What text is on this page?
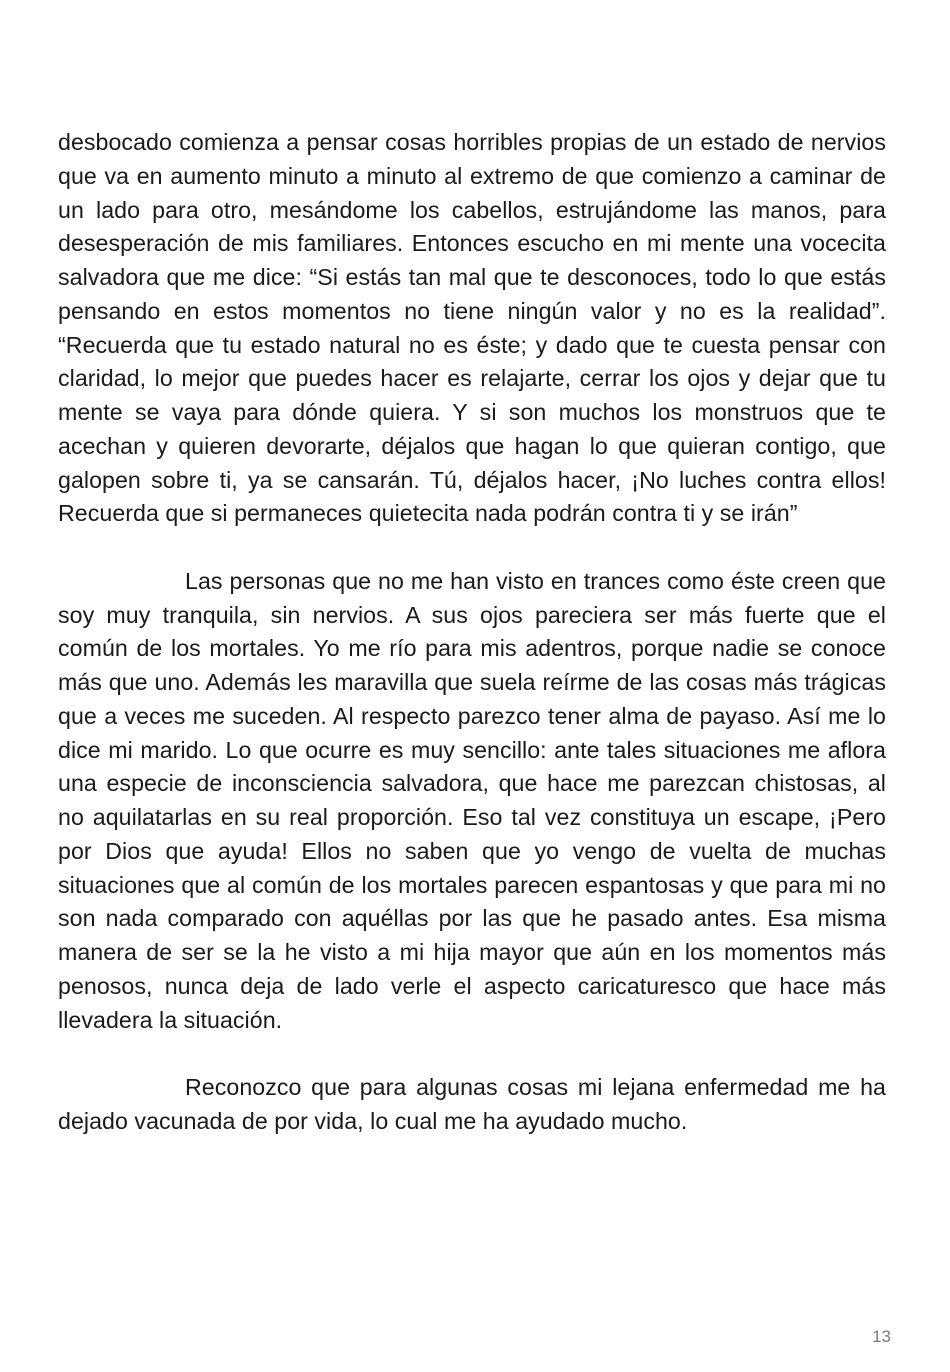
desbocado comienza a pensar cosas horribles propias de un estado de nervios que va en aumento minuto a minuto al extremo de que comienzo a caminar de un lado para otro, mesándome los cabellos, estrujándome las manos, para desesperación de mis familiares. Entonces escucho en mi mente una vocecita salvadora que me dice: “Si estás tan mal que te desconoces, todo lo que estás pensando en estos momentos no tiene ningún valor y no es la realidad”. “Recuerda que tu estado natural no es éste; y dado que te cuesta pensar con claridad, lo mejor que puedes hacer es relajarte, cerrar los ojos y dejar que tu mente se vaya para dónde quiera. Y si son muchos los monstruos que te acechan y quieren devorarte, déjalos que hagan lo que quieran contigo, que galopen sobre ti, ya se cansarán. Tú, déjalos hacer, ¡No luches contra ellos! Recuerda que si permaneces quietecita nada podrán contra ti y se irán”

Las personas que no me han visto en trances como éste creen que soy muy tranquila, sin nervios. A sus ojos pareciera ser más fuerte que el común de los mortales. Yo me río para mis adentros, porque nadie se conoce más que uno. Además les maravilla que suela reírme de las cosas más trágicas que a veces me suceden. Al respecto parezco tener alma de payaso. Así me lo dice mi marido. Lo que ocurre es muy sencillo: ante tales situaciones me aflora una especie de inconsciencia salvadora, que hace me parezcan chistosas, al no aquilatarlas en su real proporción. Eso tal vez constituya un escape, ¡Pero por Dios que ayuda! Ellos no saben que yo vengo de vuelta de muchas situaciones que al común de los mortales parecen espantosas y que para mi no son nada comparado con aquéllas por las que he pasado antes. Esa misma manera de ser se la he visto a mi hija mayor que aún en los momentos más penosos, nunca deja de lado verle el aspecto caricaturesco que hace más llevadera la situación.

Reconozco que para algunas cosas mi lejana enfermedad me ha dejado vacunada de por vida, lo cual me ha ayudado mucho.

13
